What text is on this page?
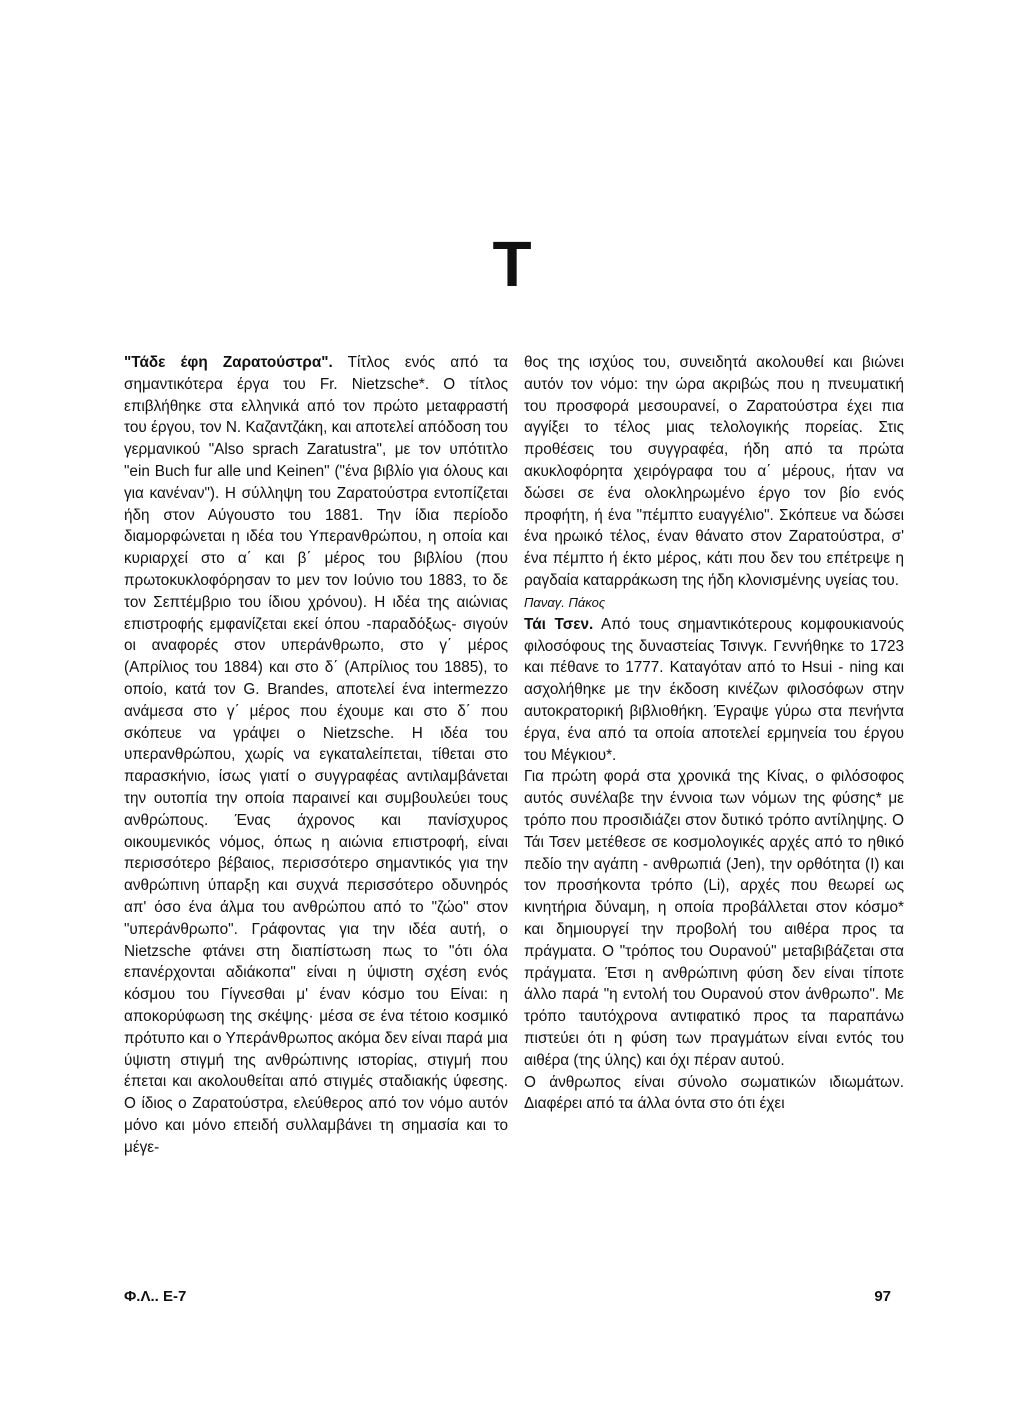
T

"Τάδε έφη Ζαρατούστρα". Τίτλος ενός από τα σημαντικότερα έργα του Fr. Nietzsche*. Ο τίτλος επιβλήθηκε στα ελληνικά από τον πρώτο μεταφραστή του έργου, τον Ν. Καζαντζάκη, και αποτελεί απόδοση του γερμανικού "Also sprach Zaratustra", με τον υπότιτλο "ein Buch fur alle und Keinen" ("ένα βιβλίο για όλους και για κανέναν"). Η σύλληψη του Ζαρατούστρα εντοπίζεται ήδη στον Αύγουστο του 1881. Την ίδια περίοδο διαμορφώνεται η ιδέα του Υπερανθρώπου, η οποία και κυριαρχεί στο α΄ και β΄ μέρος του βιβλίου (που πρωτοκυκλοφόρησαν το μεν τον Ιούνιο του 1883, το δε τον Σεπτέμβριο του ίδιου χρόνου). Η ιδέα της αιώνιας επιστροφής εμφανίζεται εκεί όπου -παραδόξως- σιγούν οι αναφορές στον υπεράνθρωπο, στο γ΄ μέρος (Απρίλιος του 1884) και στο δ΄ (Απρίλιος του 1885), το οποίο, κατά τον G. Brandes, αποτελεί ένα intermezzo ανάμεσα στο γ΄ μέρος που έχουμε και στο δ΄ που σκόπευε να γράψει ο Nietzsche. Η ιδέα του υπερανθρώπου, χωρίς να εγκαταλείπεται, τίθεται στο παρασκήνιο, ίσως γιατί ο συγγραφέας αντιλαμβάνεται την ουτοπία την οποία παραινεί και συμβουλεύει τους ανθρώπους. Ένας άχρονος και πανίσχυρος οικουμενικός νόμος, όπως η αιώνια επιστροφή, είναι περισσότερο βέβαιος, περισσότερο σημαντικός για την ανθρώπινη ύπαρξη και συχνά περισσότερο οδυνηρός απ' όσο ένα άλμα του ανθρώπου από το "ζώο" στον "υπεράνθρωπο". Γράφοντας για την ιδέα αυτή, ο Nietzsche φτάνει στη διαπίστωση πως το "ότι όλα επανέρχονται αδιάκοπα" είναι η ύψιστη σχέση ενός κόσμου του Γίγνεσθαι μ' έναν κόσμο του Είναι: η αποκορύφωση της σκέψης· μέσα σε ένα τέτοιο κοσμικό πρότυπο και ο Υπεράνθρωπος ακόμα δεν είναι παρά μια ύψιστη στιγμή της ανθρώπινης ιστορίας, στιγμή που έπεται και ακολουθείται από στιγμές σταδιακής ύφεσης. Ο ίδιος ο Ζαρατούστρα, ελεύθερος από τον νόμο αυτόν μόνο και μόνο επειδή συλλαμβάνει τη σημασία και το μέγε-

θος της ισχύος του, συνειδητά ακολουθεί και βιώνει αυτόν τον νόμο: την ώρα ακριβώς που η πνευματική του προσφορά μεσουρανεί, ο Ζαρατούστρα έχει πια αγγίξει το τέλος μιας τελολογικής πορείας. Στις προθέσεις του συγγραφέα, ήδη από τα πρώτα ακυκλοφόρητα χειρόγραφα του α΄ μέρους, ήταν να δώσει σε ένα ολοκληρωμένο έργο τον βίο ενός προφήτη, ή ένα "πέμπτο ευαγγέλιο". Σκόπευε να δώσει ένα ηρωικό τέλος, έναν θάνατο στον Ζαρατούστρα, σ' ένα πέμπτο ή έκτο μέρος, κάτι που δεν του επέτρεψε η ραγδαία καταρράκωση της ήδη κλονισμένης υγείας του.

Παναγ. Πάκος

Τάι Τσεν. Από τους σημαντικότερους κομφουκιανούς φιλοσόφους της δυναστείας Τσινγκ. Γεννήθηκε το 1723 και πέθανε το 1777. Καταγόταν από το Hsui - ning και ασχολήθηκε με την έκδοση κινέζων φιλοσόφων στην αυτοκρατορική βιβλιοθήκη. Έγραψε γύρω στα πενήντα έργα, ένα από τα οποία αποτελεί ερμηνεία του έργου του Μέγκιου*.

Για πρώτη φορά στα χρονικά της Κίνας, ο φιλόσοφος αυτός συνέλαβε την έννοια των νόμων της φύσης* με τρόπο που προσιδιάζει στον δυτικό τρόπο αντίληψης. Ο Τάι Τσεν μετέθεσε σε κοσμολογικές αρχές από το ηθικό πεδίο την αγάπη - ανθρωπιά (Jen), την ορθότητα (I) και τον προσήκοντα τρόπο (Li), αρχές που θεωρεί ως κινητήρια δύναμη, η οποία προβάλλεται στον κόσμο* και δημιουργεί την προβολή του αιθέρα προς τα πράγματα. Ο "τρόπος του Ουρανού" μεταβιβάζεται στα πράγματα. Έτσι η ανθρώπινη φύση δεν είναι τίποτε άλλο παρά "η εντολή του Ουρανού στον άνθρωπο". Με τρόπο ταυτόχρονα αντιφατικό προς τα παραπάνω πιστεύει ότι η φύση των πραγμάτων είναι εντός του αιθέρα (της ύλης) και όχι πέραν αυτού.

Ο άνθρωπος είναι σύνολο σωματικών ιδιωμάτων. Διαφέρει από τα άλλα όντα στο ότι έχει

Φ.Λ.. Ε-7	97
